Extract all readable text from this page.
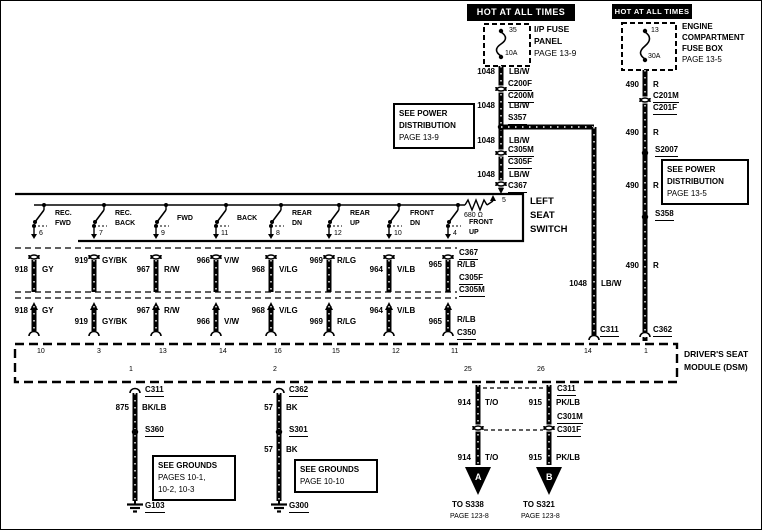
HOT AT ALL TIMES	HOT AT ALL TIMES
I/P FUSE
PANEL
PAGE 13-9
ENGINE
COMPARTMENT
FUSE BOX
PAGE 13-5
SEE POWER
DISTRIBUTION
PAGE 13-9
SEE POWER
DISTRIBUTION
PAGE 13-5
SEE GROUNDS
PAGES 10-1,
10-2, 10-3
SEE GROUNDS
PAGE 10-10
LEFT
SEAT
SWITCH
DRIVER'S SEAT
MODULE (DSM)
35
10A
1048 LB/W
1048 LB/W
1048 LB/W
1048 LB/W
C200F
C200M
S357
C305M
C305F
C367
13
30A
490 R
490 R
490 R
490 R
C201M
C201F
S2007
S358
C362
1
1048 LB/W
C311
14
5
680 Ω
6
REC.
FWD
7
REC.
BACK
9
FWD
11
BACK
8
REAR
DN
12
REAR
UP
10
FRONT
DN
4
FRONT
UP
918 GY
918 GY
10
919 GY/BK
919 GY/BK
3
967 R/W
967 R/W
13
966 V/W
966 V/W
14
968 V/LG
968 V/LG
16
969 R/LG
969 R/LG
15
964 V/LB
964 V/LB
12
965 R/LB
965 R/LB
11
C367
C305F
C305M
C350
1	2	25	26
C311
875 BK/LB
S360
G103
C362
57 BK
S301
G300
57 BK
914 T/O
914 T/O
A
TO S338
PAGE 123-8
915 PK/LB
915 PK/LB
B
TO S321
PAGE 123-8
C311
C301M
C301F
